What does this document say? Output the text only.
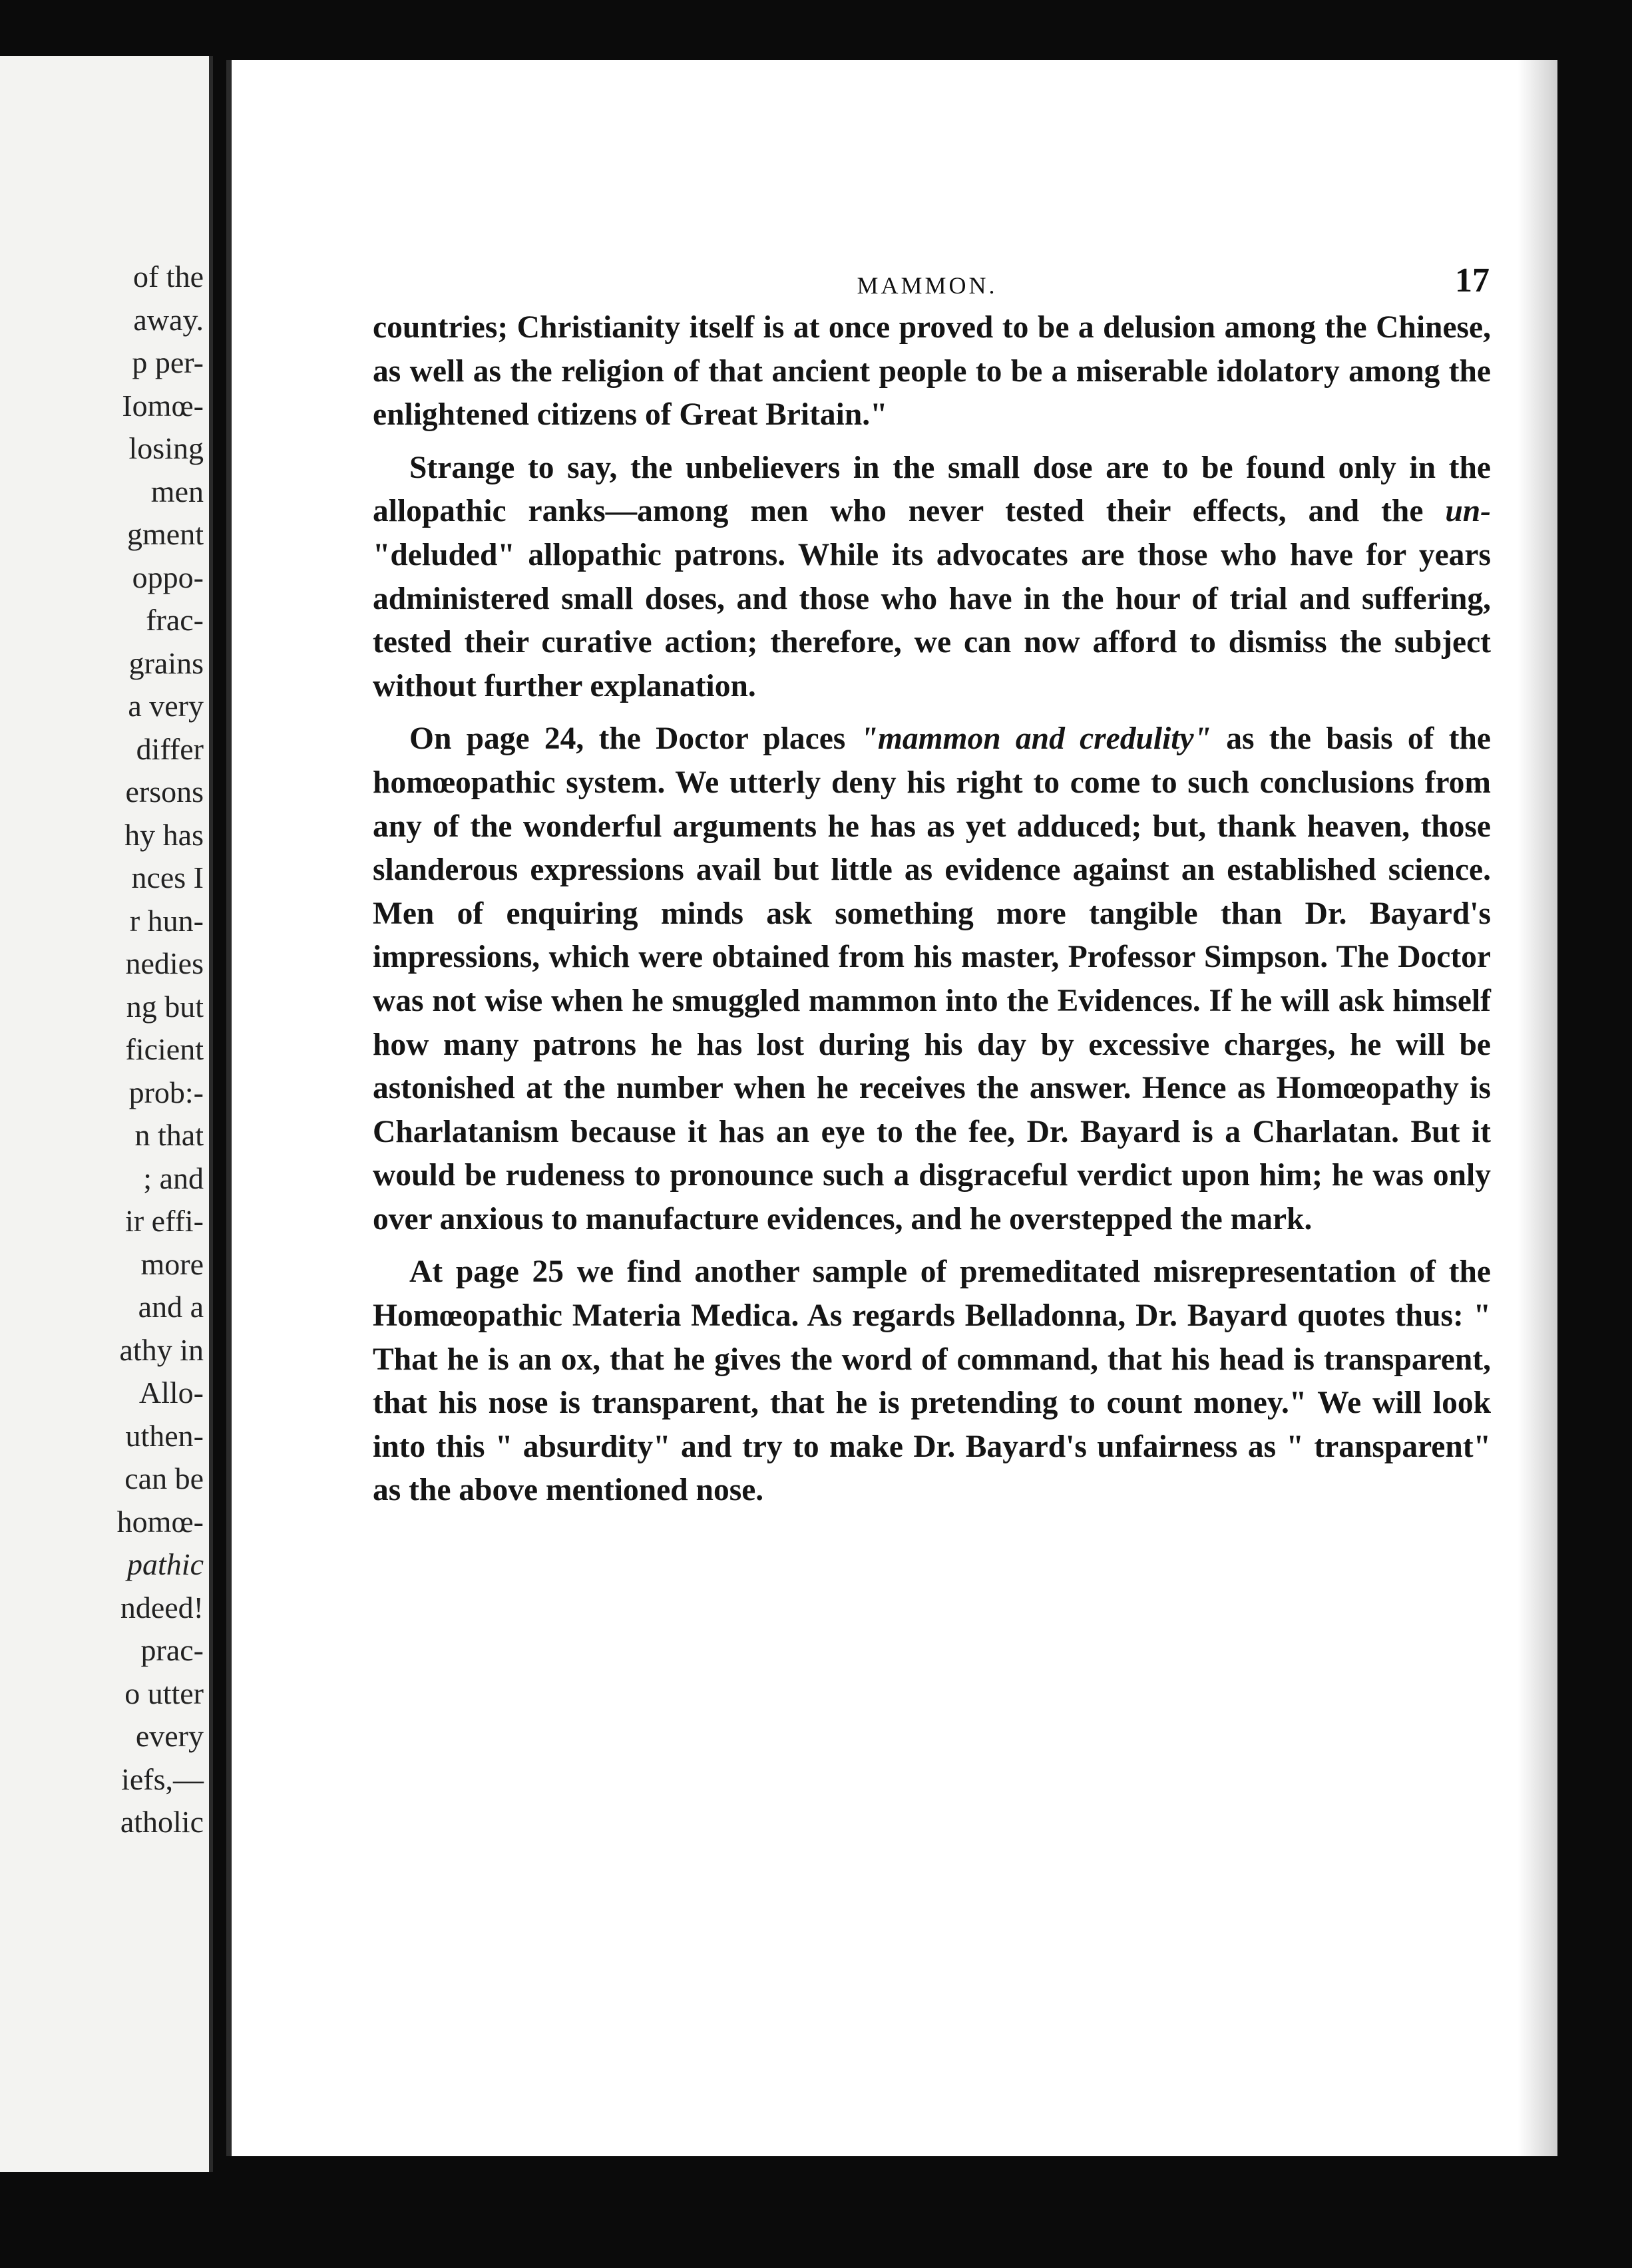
of the
away.
p per-
Iomœ-
losing
men
gment
oppo-
frac-
grains
a very
differ
ersons
hy has
nces I
r hun-
nedies
ng but
ficient
prob:-
n that
; and
ir effi-
more
and a
athy in
Allo-
uthen-
can be
homœ-
pathic
ndeed!
prac-
o utter
every
iefs,—
atholic
MAMMON.	17

countries; Christianity itself is at once proved to be a delusion among the Chinese, as well as the religion of that ancient people to be a miserable idolatory among the enlightened citizens of Great Britain."

Strange to say, the unbelievers in the small dose are to be found only in the allopathic ranks—among men who never tested their effects, and the un-"deluded" allopathic patrons. While its advocates are those who have for years administered small doses, and those who have in the hour of trial and suffering, tested their curative action; therefore, we can now afford to dismiss the subject without further explanation.

On page 24, the Doctor places "mammon and credulity" as the basis of the homœopathic system. We utterly deny his right to come to such conclusions from any of the wonderful arguments he has as yet adduced; but, thank heaven, those slanderous expressions avail but little as evidence against an established science. Men of enquiring minds ask something more tangible than Dr. Bayard's impressions, which were obtained from his master, Professor Simpson. The Doctor was not wise when he smuggled mammon into the Evidences. If he will ask himself how many patrons he has lost during his day by excessive charges, he will be astonished at the number when he receives the answer. Hence as Homœopathy is Charlatanism because it has an eye to the fee, Dr. Bayard is a Charlatan. But it would be rudeness to pronounce such a disgraceful verdict upon him; he was only over anxious to manufacture evidences, and he overstepped the mark.

At page 25 we find another sample of premeditated misrepresentation of the Homœopathic Materia Medica. As regards Belladonna, Dr. Bayard quotes thus: " That he is an ox, that he gives the word of command, that his head is transparent, that his nose is transparent, that he is pretending to count money." We will look into this " absurdity" and try to make Dr. Bayard's unfairness as " transparent" as the above mentioned nose.
